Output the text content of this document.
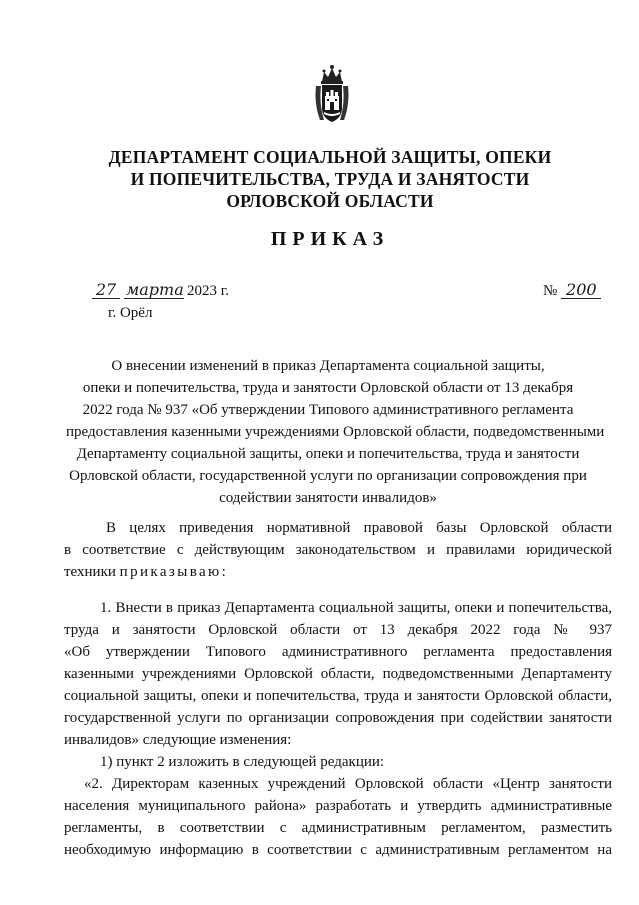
ДЕПАРТАМЕНТ СОЦИАЛЬНОЙ ЗАЩИТЫ, ОПЕКИ
И ПОПЕЧИТЕЛЬСТВА, ТРУДА И ЗАНЯТОСТИ
ОРЛОВСКОЙ ОБЛАСТИ
ПРИКАЗ
27 марта 2023 г.	№ 200
г. Орёл
О внесении изменений в приказ Департамента социальной защиты,
опеки и попечительства, труда и занятости Орловской области от 13 декабря
2022 года № 937 «Об утверждении Типового административного регламента
предоставления казенными учреждениями Орловской области, подведомственными
Департаменту социальной защиты, опеки и попечительства, труда и занятости
Орловской области, государственной услуги по организации сопровождения при
содействии занятости инвалидов»
В целях приведения нормативной правовой базы Орловской области
в соответствие с действующим законодательством и правилами юридической
техники приказываю:
1. Внести в приказ Департамента социальной защиты, опеки и попечительства,
труда и занятости Орловской области от 13 декабря 2022 года № 937
«Об утверждении Типового административного регламента предоставления
казенными учреждениями Орловской области, подведомственными Департаменту
социальной защиты, опеки и попечительства, труда и занятости Орловской области,
государственной услуги по организации сопровождения при содействии занятости
инвалидов» следующие изменения:
1) пункт 2 изложить в следующей редакции:
«2. Директорам казенных учреждений Орловской области «Центр занятости
населения муниципального района» разработать и утвердить административные
регламенты, в соответствии с административным регламентом, разместить
необходимую информацию в соответствии с административным регламентом на
